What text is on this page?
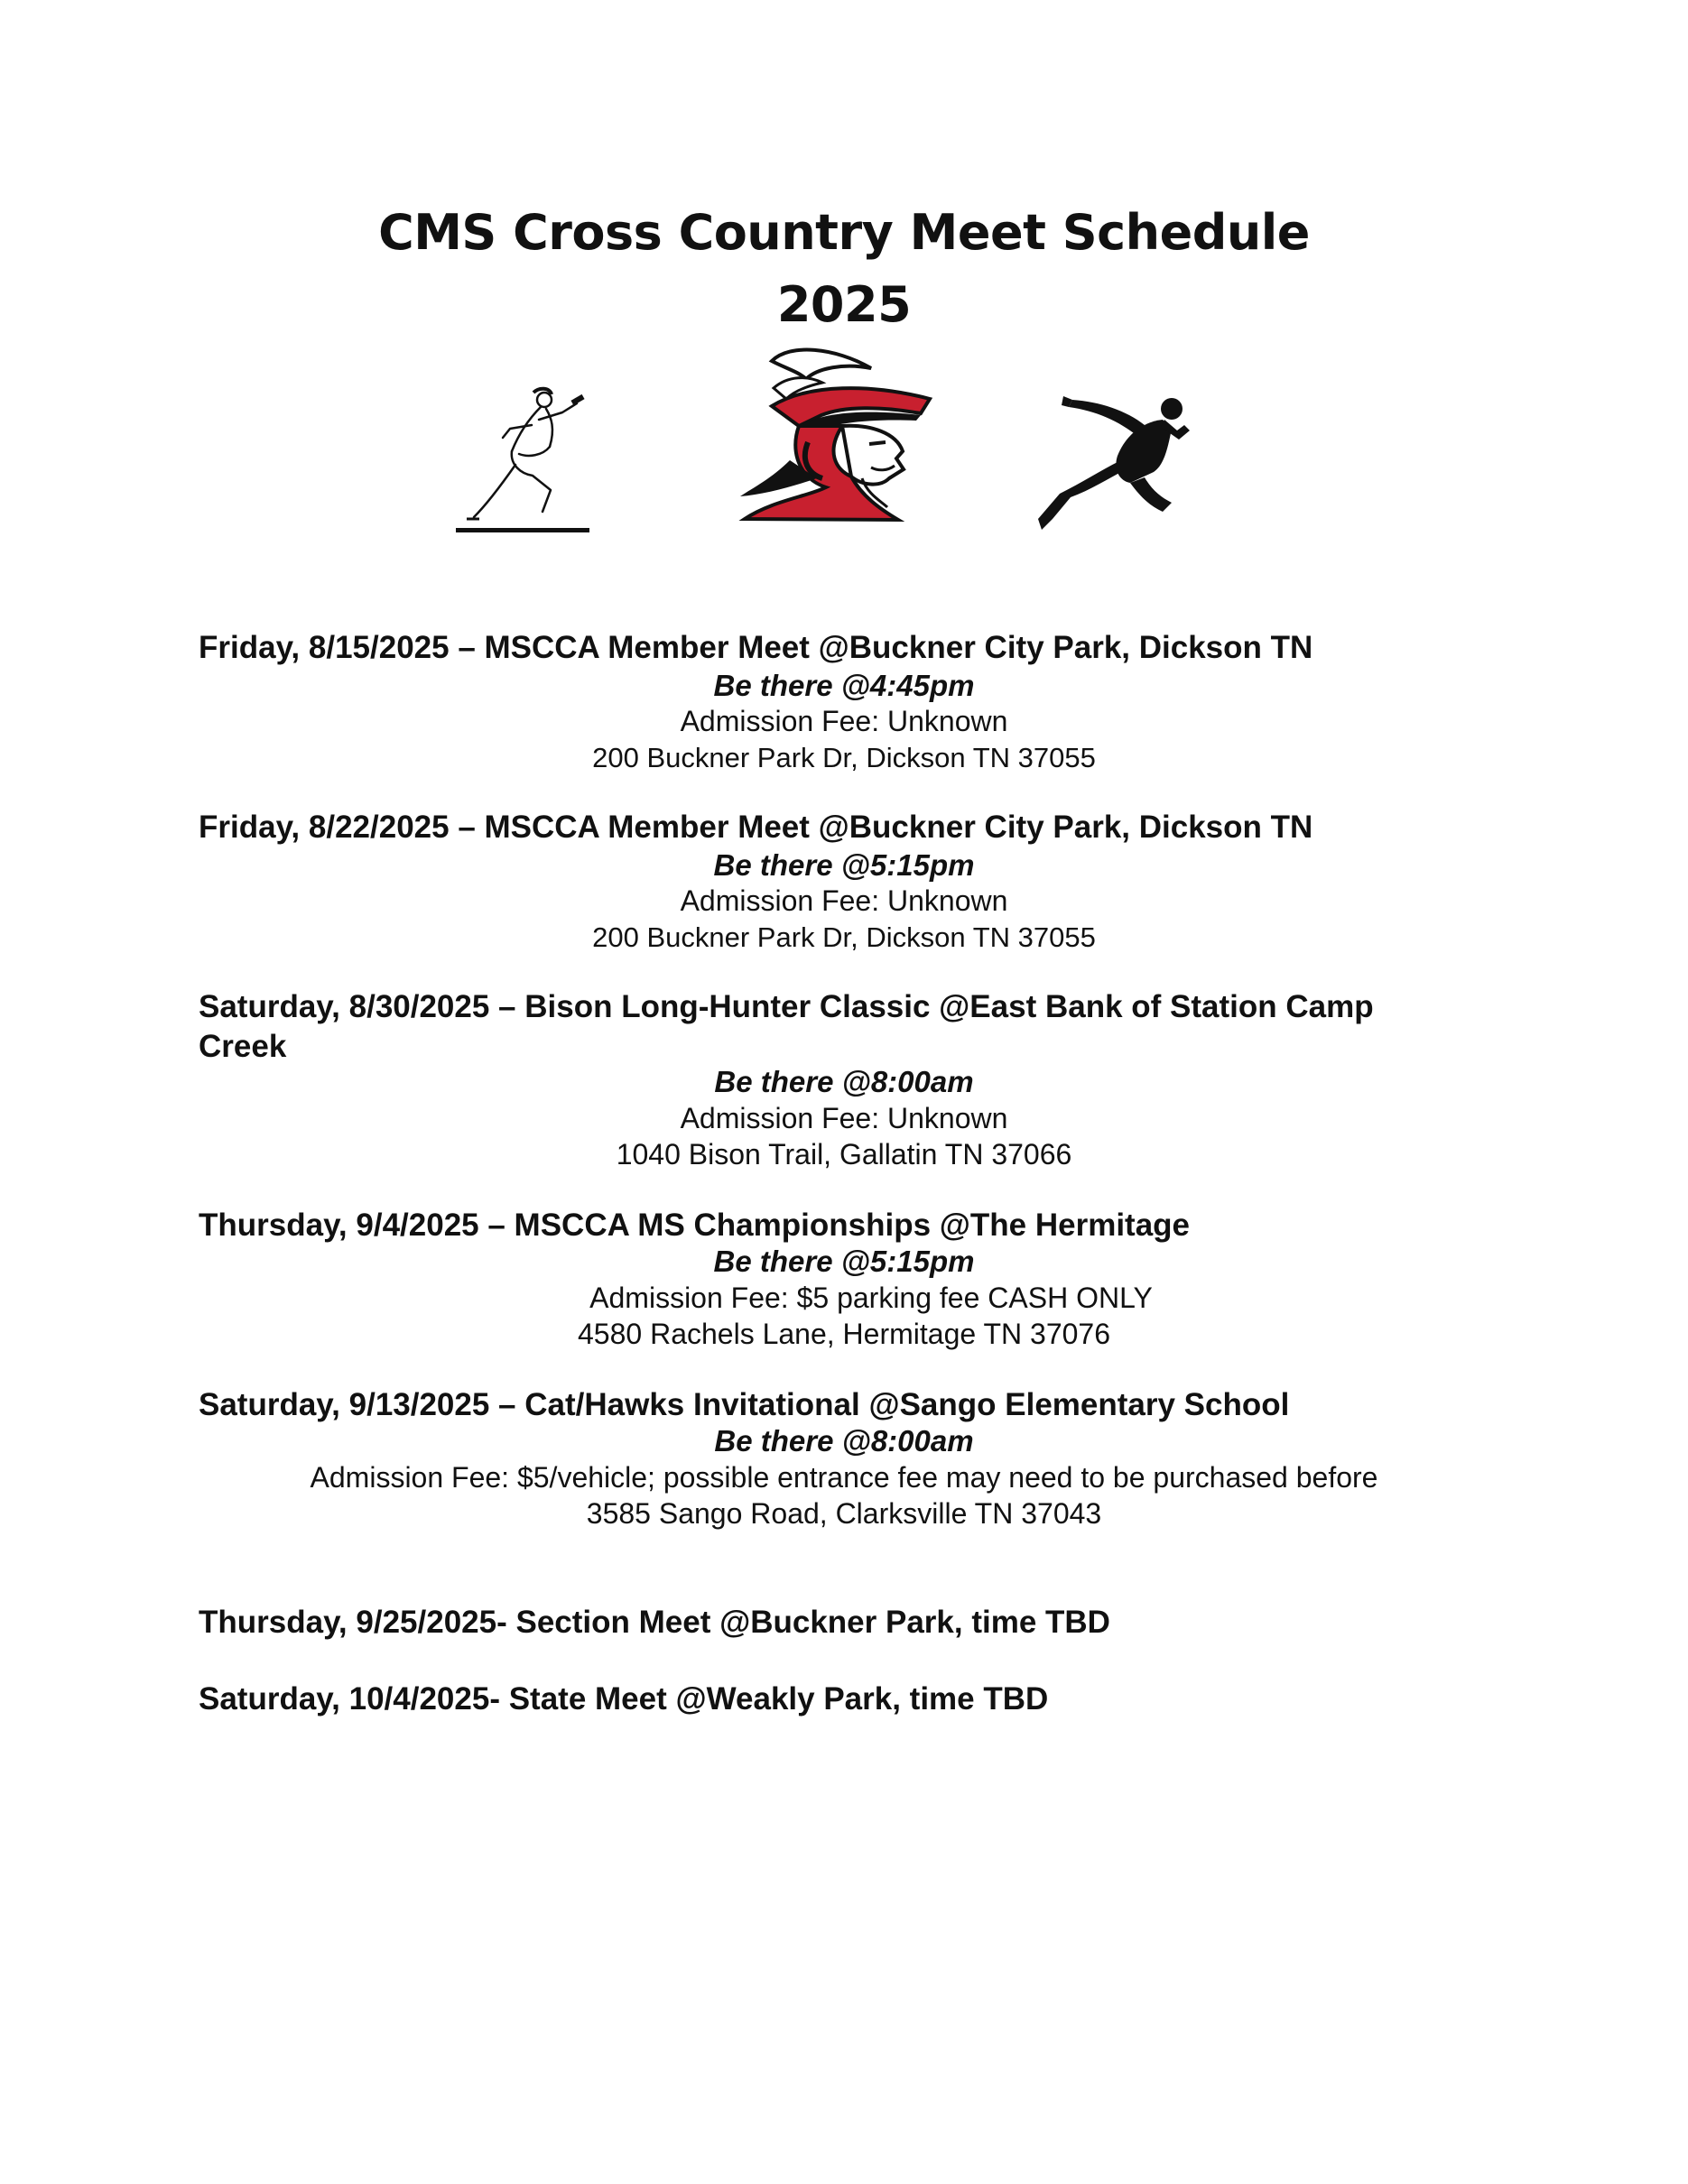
CMS Cross Country Meet Schedule
2025
Friday, 8/15/2025 – MSCCA Member Meet @Buckner City Park, Dickson TN
Be there @4:45pm
Admission Fee: Unknown
200 Buckner Park Dr, Dickson TN 37055
Friday, 8/22/2025 – MSCCA Member Meet @Buckner City Park, Dickson TN
Be there @5:15pm
Admission Fee: Unknown
200 Buckner Park Dr, Dickson TN 37055
Saturday, 8/30/2025 – Bison Long-Hunter Classic @East Bank of Station Camp
Creek
Be there @8:00am
Admission Fee: Unknown
1040 Bison Trail, Gallatin TN 37066
Thursday, 9/4/2025 – MSCCA MS Championships @The Hermitage
Be there @5:15pm
Admission Fee: $5 parking fee CASH ONLY
4580 Rachels Lane, Hermitage TN 37076
Saturday, 9/13/2025 – Cat/Hawks Invitational @Sango Elementary School
Be there @8:00am
Admission Fee: $5/vehicle; possible entrance fee may need to be purchased before
3585 Sango Road, Clarksville TN 37043
Thursday, 9/25/2025- Section Meet @Buckner Park, time TBD
Saturday, 10/4/2025- State Meet @Weakly Park, time TBD
